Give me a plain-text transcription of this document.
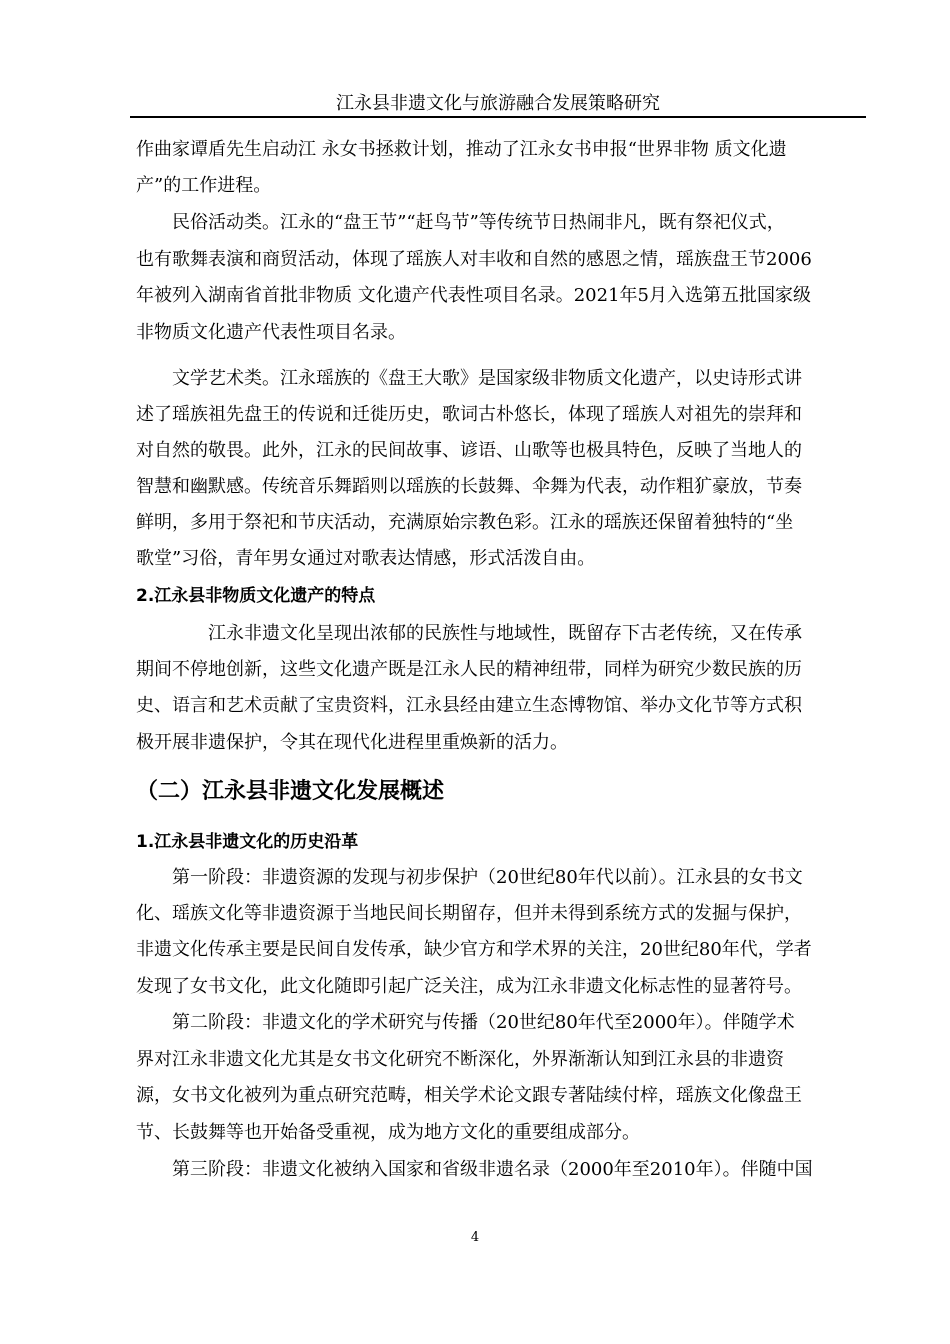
江永县非遗文化与旅游融合发展策略研究
作曲家谭盾先生启动江 永女书拯救计划，推动了江永女书申报“世界非物 质文化遗
产”的工作进程。
民俗活动类。江永的“盘王节”“赶鸟节”等传统节日热闹非凡，既有祭祀仪式，
也有歌舞表演和商贸活动，体现了瑶族人对丰收和自然的感恩之情，瑶族盘王节2006
年被列入湖南省首批非物质 文化遗产代表性项目名录。2021年5月入选第五批国家级
非物质文化遗产代表性项目名录。
文学艺术类。江永瑶族的《盘王大歌》是国家级非物质文化遗产，以史诗形式讲
述了瑶族祖先盘王的传说和迁徙历史，歌词古朴悠长，体现了瑶族人对祖先的崇拜和
对自然的敬畏。此外，江永的民间故事、谚语、山歌等也极具特色，反映了当地人的
智慧和幽默感。传统音乐舞蹈则以瑶族的长鼓舞、伞舞为代表，动作粗犷豪放，节奏
鲜明，多用于祭祀和节庆活动，充满原始宗教色彩。江永的瑶族还保留着独特的“坐
歌堂”习俗，青年男女通过对歌表达情感，形式活泼自由。
2.江永县非物质文化遗产的特点
江永非遗文化呈现出浓郁的民族性与地域性，既留存下古老传统，又在传承
期间不停地创新，这些文化遗产既是江永人民的精神纽带，同样为研究少数民族的历
史、语言和艺术贡献了宝贵资料，江永县经由建立生态博物馆、举办文化节等方式积
极开展非遗保护，令其在现代化进程里重焕新的活力。
（二）江永县非遗文化发展概述
1.江永县非遗文化的历史沿革
第一阶段：非遗资源的发现与初步保护（20世纪80年代以前）。江永县的女书文
化、瑶族文化等非遗资源于当地民间长期留存，但并未得到系统方式的发掘与保护，
非遗文化传承主要是民间自发传承，缺少官方和学术界的关注，20世纪80年代，学者
发现了女书文化，此文化随即引起广泛关注，成为江永非遗文化标志性的显著符号。
第二阶段：非遗文化的学术研究与传播（20世纪80年代至2000年）。伴随学术
界对江永非遗文化尤其是女书文化研究不断深化，外界渐渐认知到江永县的非遗资
源，女书文化被列为重点研究范畴，相关学术论文跟专著陆续付梓，瑶族文化像盘王
节、长鼓舞等也开始备受重视，成为地方文化的重要组成部分。
第三阶段：非遗文化被纳入国家和省级非遗名录（2000年至2010年）。伴随中国
4
